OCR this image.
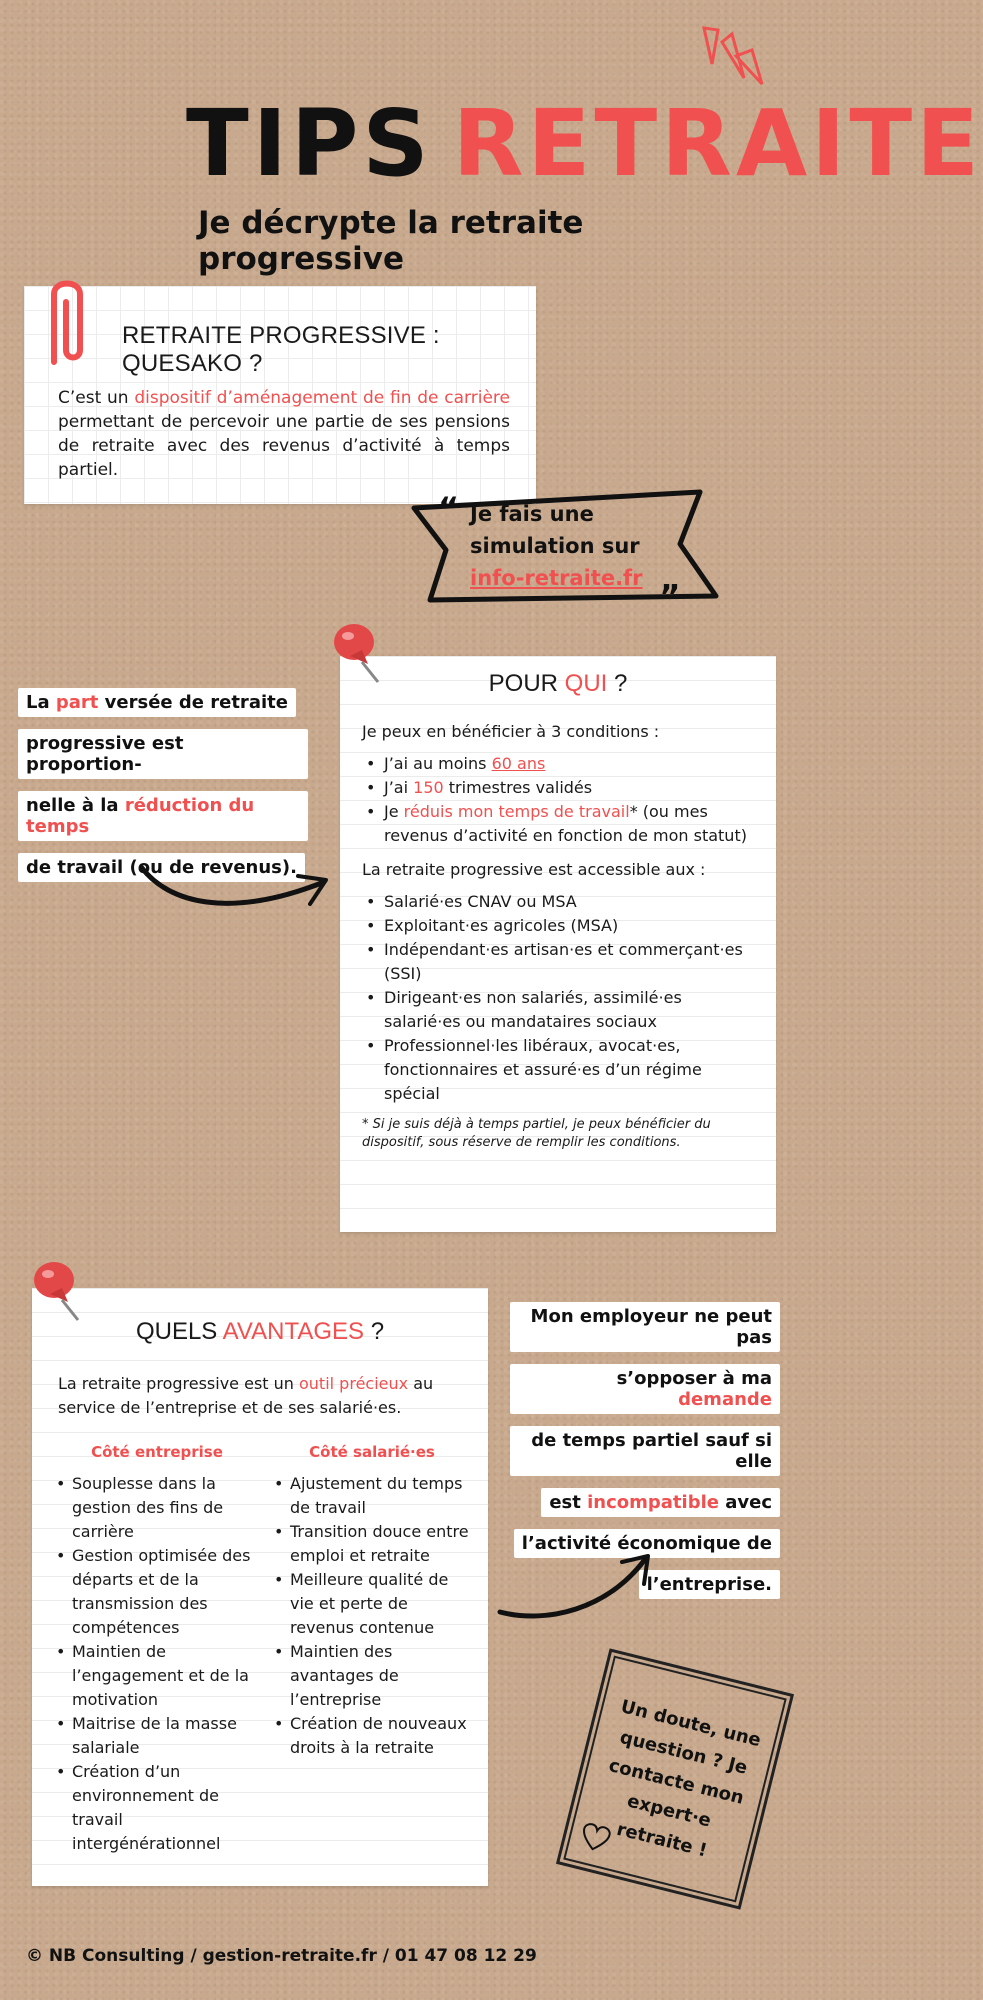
TIPS RETRAITE
Je décrypte la retraite progressive
RETRAITE PROGRESSIVE : QUESAKO ?

C’est un dispositif d’aménagement de fin de carrière permettant de percevoir une partie de ses pensions de retraite avec des revenus d’activité à temps partiel.

“ Je fais une simulation sur
info-retraite.fr „
La part versée de retraite
progressive est proportion-
nelle à la réduction du temps
de travail (ou de revenus).
POUR QUI ?
Je peux en bénéficier à 3 conditions :
• J’ai au moins 60 ans
• J’ai 150 trimestres validés
• Je réduis mon temps de travail* (ou mes revenus d’activité en fonction de mon statut)
La retraite progressive est accessible aux :
• Salarié·es CNAV ou MSA
• Exploitant·es agricoles (MSA)
• Indépendant·es artisan·es et commerçant·es (SSI)
• Dirigeant·es non salariés, assimilé·es salarié·es ou mandataires sociaux
• Professionnel·les libéraux, avocat·es, fonctionnaires et assuré·es d’un régime spécial
* Si je suis déjà à temps partiel, je peux bénéficier du dispositif, sous réserve de remplir les conditions.
QUELS AVANTAGES ?
La retraite progressive est un outil précieux au service de l’entreprise et de ses salarié·es.
Côté entreprise
• Souplesse dans la gestion des fins de carrière
• Gestion optimisée des départs et de la transmission des compétences
• Maintien de l’engagement et de la motivation
• Maitrise de la masse salariale
• Création d’un environnement de travail intergénérationnel
Côté salarié·es
• Ajustement du temps de travail
• Transition douce entre emploi et retraite
• Meilleure qualité de vie et perte de revenus contenue
• Maintien des avantages de l’entreprise
• Création de nouveaux droits à la retraite
Mon employeur ne peut pas
s’opposer à ma demande
de temps partiel sauf si elle
est incompatible avec
l’activité économique de
l’entreprise.
Un doute, une question ? Je contacte mon expert·e retraite !
© NB Consulting / gestion-retraite.fr / 01 47 08 12 29
